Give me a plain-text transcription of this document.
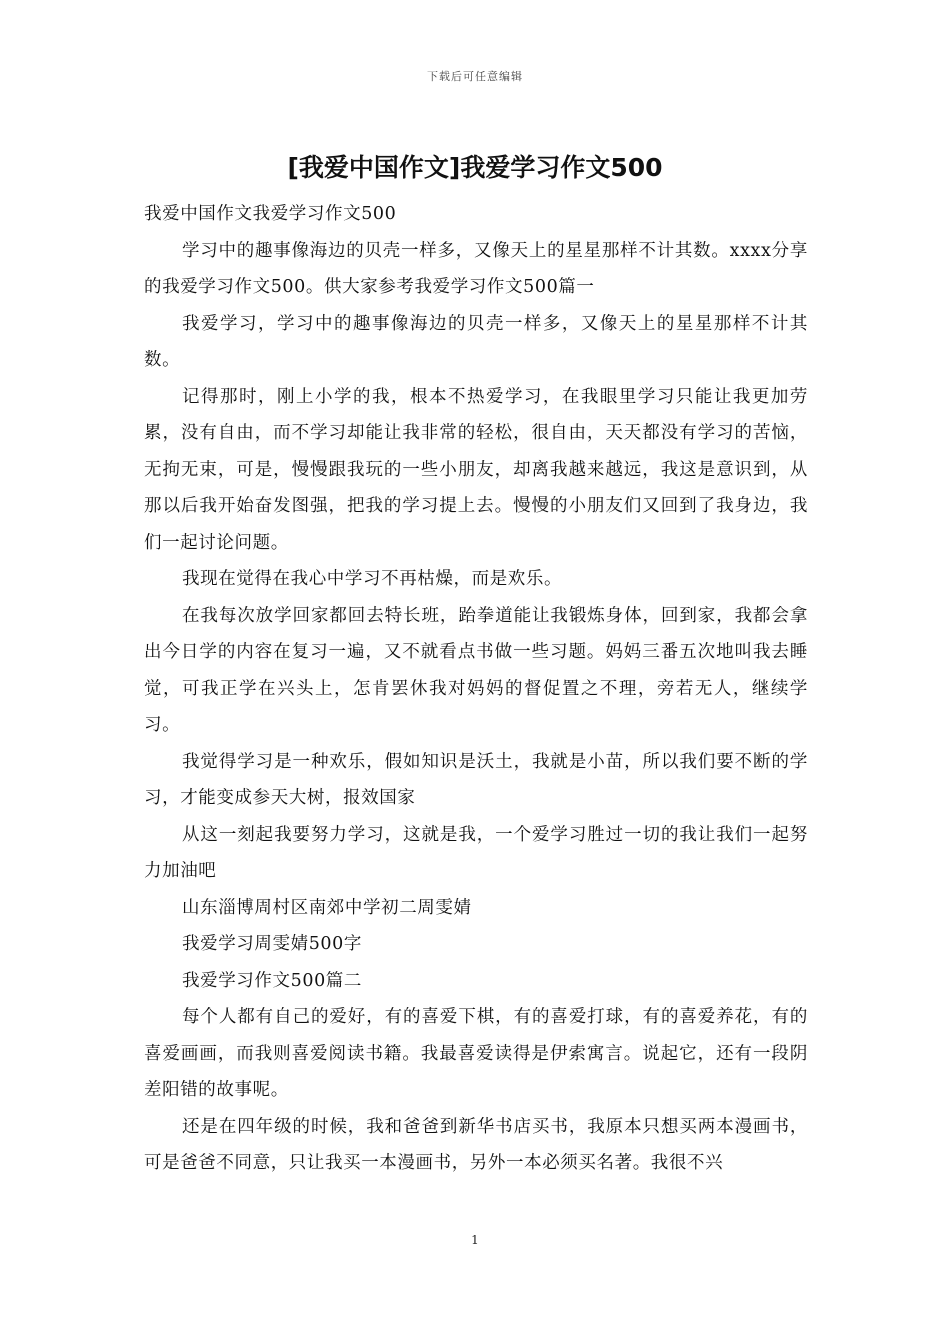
下载后可任意编辑
[我爱中国作文]我爱学习作文500

我爱中国作文我爱学习作文500

学习中的趣事像海边的贝壳一样多，又像天上的星星那样不计其数。xxxx分享的我爱学习作文500。供大家参考我爱学习作文500篇一

我爱学习，学习中的趣事像海边的贝壳一样多，又像天上的星星那样不计其数。

记得那时，刚上小学的我，根本不热爱学习，在我眼里学习只能让我更加劳累，没有自由，而不学习却能让我非常的轻松，很自由，天天都没有学习的苦恼，无拘无束，可是，慢慢跟我玩的一些小朋友，却离我越来越远，我这是意识到，从那以后我开始奋发图强，把我的学习提上去。慢慢的小朋友们又回到了我身边，我们一起讨论问题。

我现在觉得在我心中学习不再枯燥，而是欢乐。

在我每次放学回家都回去特长班，跆拳道能让我锻炼身体，回到家，我都会拿出今日学的内容在复习一遍，又不就看点书做一些习题。妈妈三番五次地叫我去睡觉，可我正学在兴头上，怎肯罢休我对妈妈的督促置之不理，旁若无人，继续学习。

我觉得学习是一种欢乐，假如知识是沃土，我就是小苗，所以我们要不断的学习，才能变成参天大树，报效国家

从这一刻起我要努力学习，这就是我，一个爱学习胜过一切的我让我们一起努力加油吧

山东淄博周村区南郊中学初二周雯婧

我爱学习周雯婧500字

我爱学习作文500篇二

每个人都有自己的爱好，有的喜爱下棋，有的喜爱打球，有的喜爱养花，有的喜爱画画，而我则喜爱阅读书籍。我最喜爱读得是伊索寓言。说起它，还有一段阴差阳错的故事呢。

还是在四年级的时候，我和爸爸到新华书店买书，我原本只想买两本漫画书，可是爸爸不同意，只让我买一本漫画书，另外一本必须买名著。我很不兴

1
